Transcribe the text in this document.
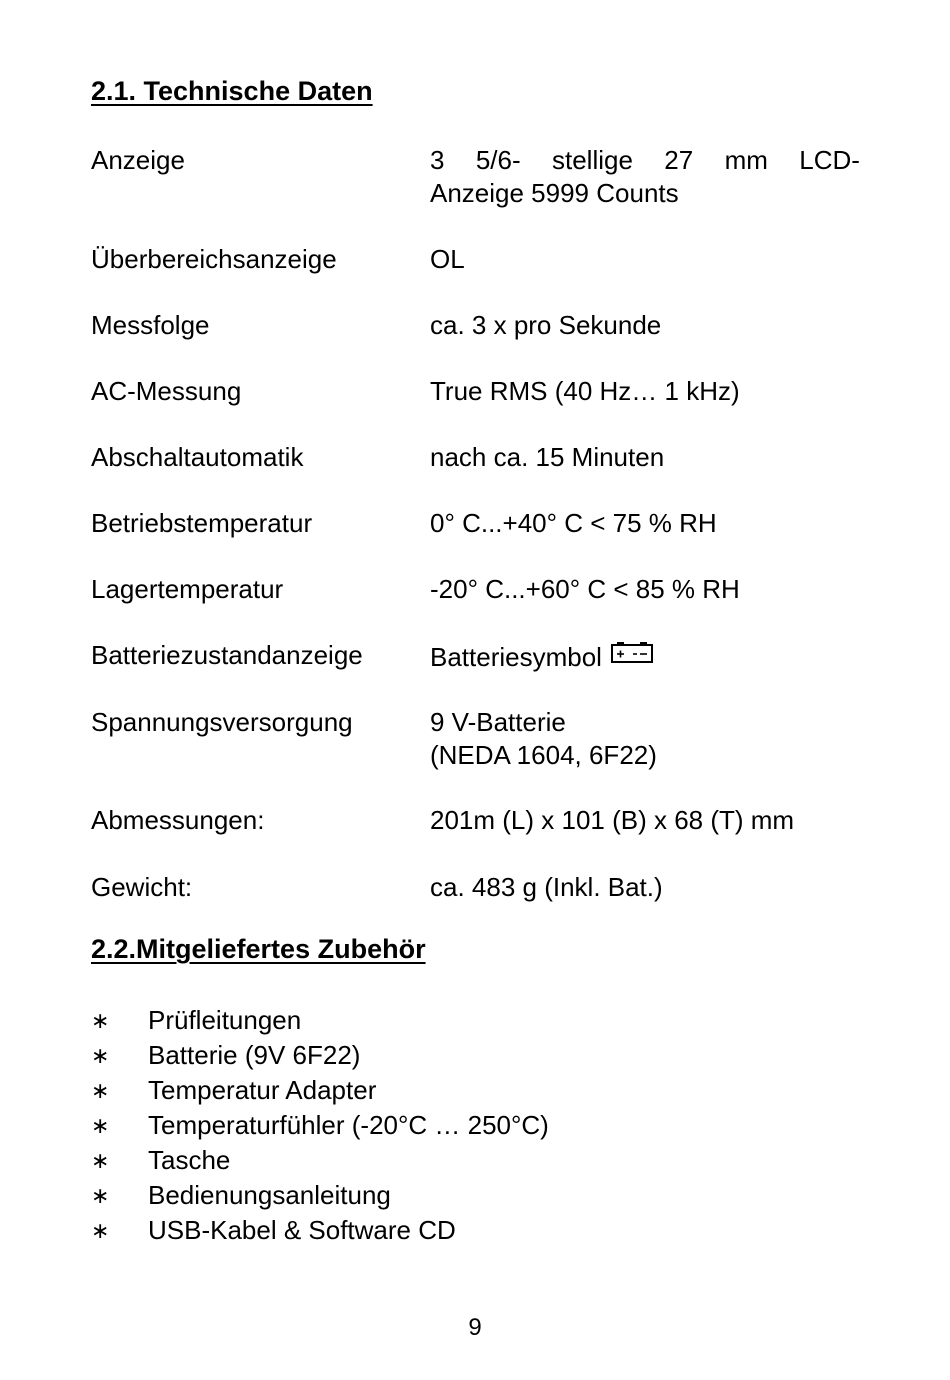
2.1. Technische Daten
Anzeige	3 5/6- stellige 27 mm LCD-
Anzeige 5999 Counts
Überbereichsanzeige	OL
Messfolge	ca. 3 x pro Sekunde
AC-Messung	True RMS (40 Hz… 1 kHz)
Abschaltautomatik	nach ca. 15 Minuten
Betriebstemperatur	0° C...+40° C < 75 % RH
Lagertemperatur	-20° C...+60° C < 85 % RH
Batteriezustandanzeige	Batteriesymbol
Spannungsversorgung	9 V-Batterie
(NEDA 1604, 6F22)
Abmessungen:	201m (L) x 101 (B) x 68 (T) mm
Gewicht:	ca. 483 g (Inkl. Bat.)
2.2.Mitgeliefertes Zubehör
∗ Prüfleitungen
∗ Batterie (9V 6F22)
∗ Temperatur Adapter
∗ Temperaturfühler (-20°C … 250°C)
∗ Tasche
∗ Bedienungsanleitung
∗ USB-Kabel & Software CD
9
